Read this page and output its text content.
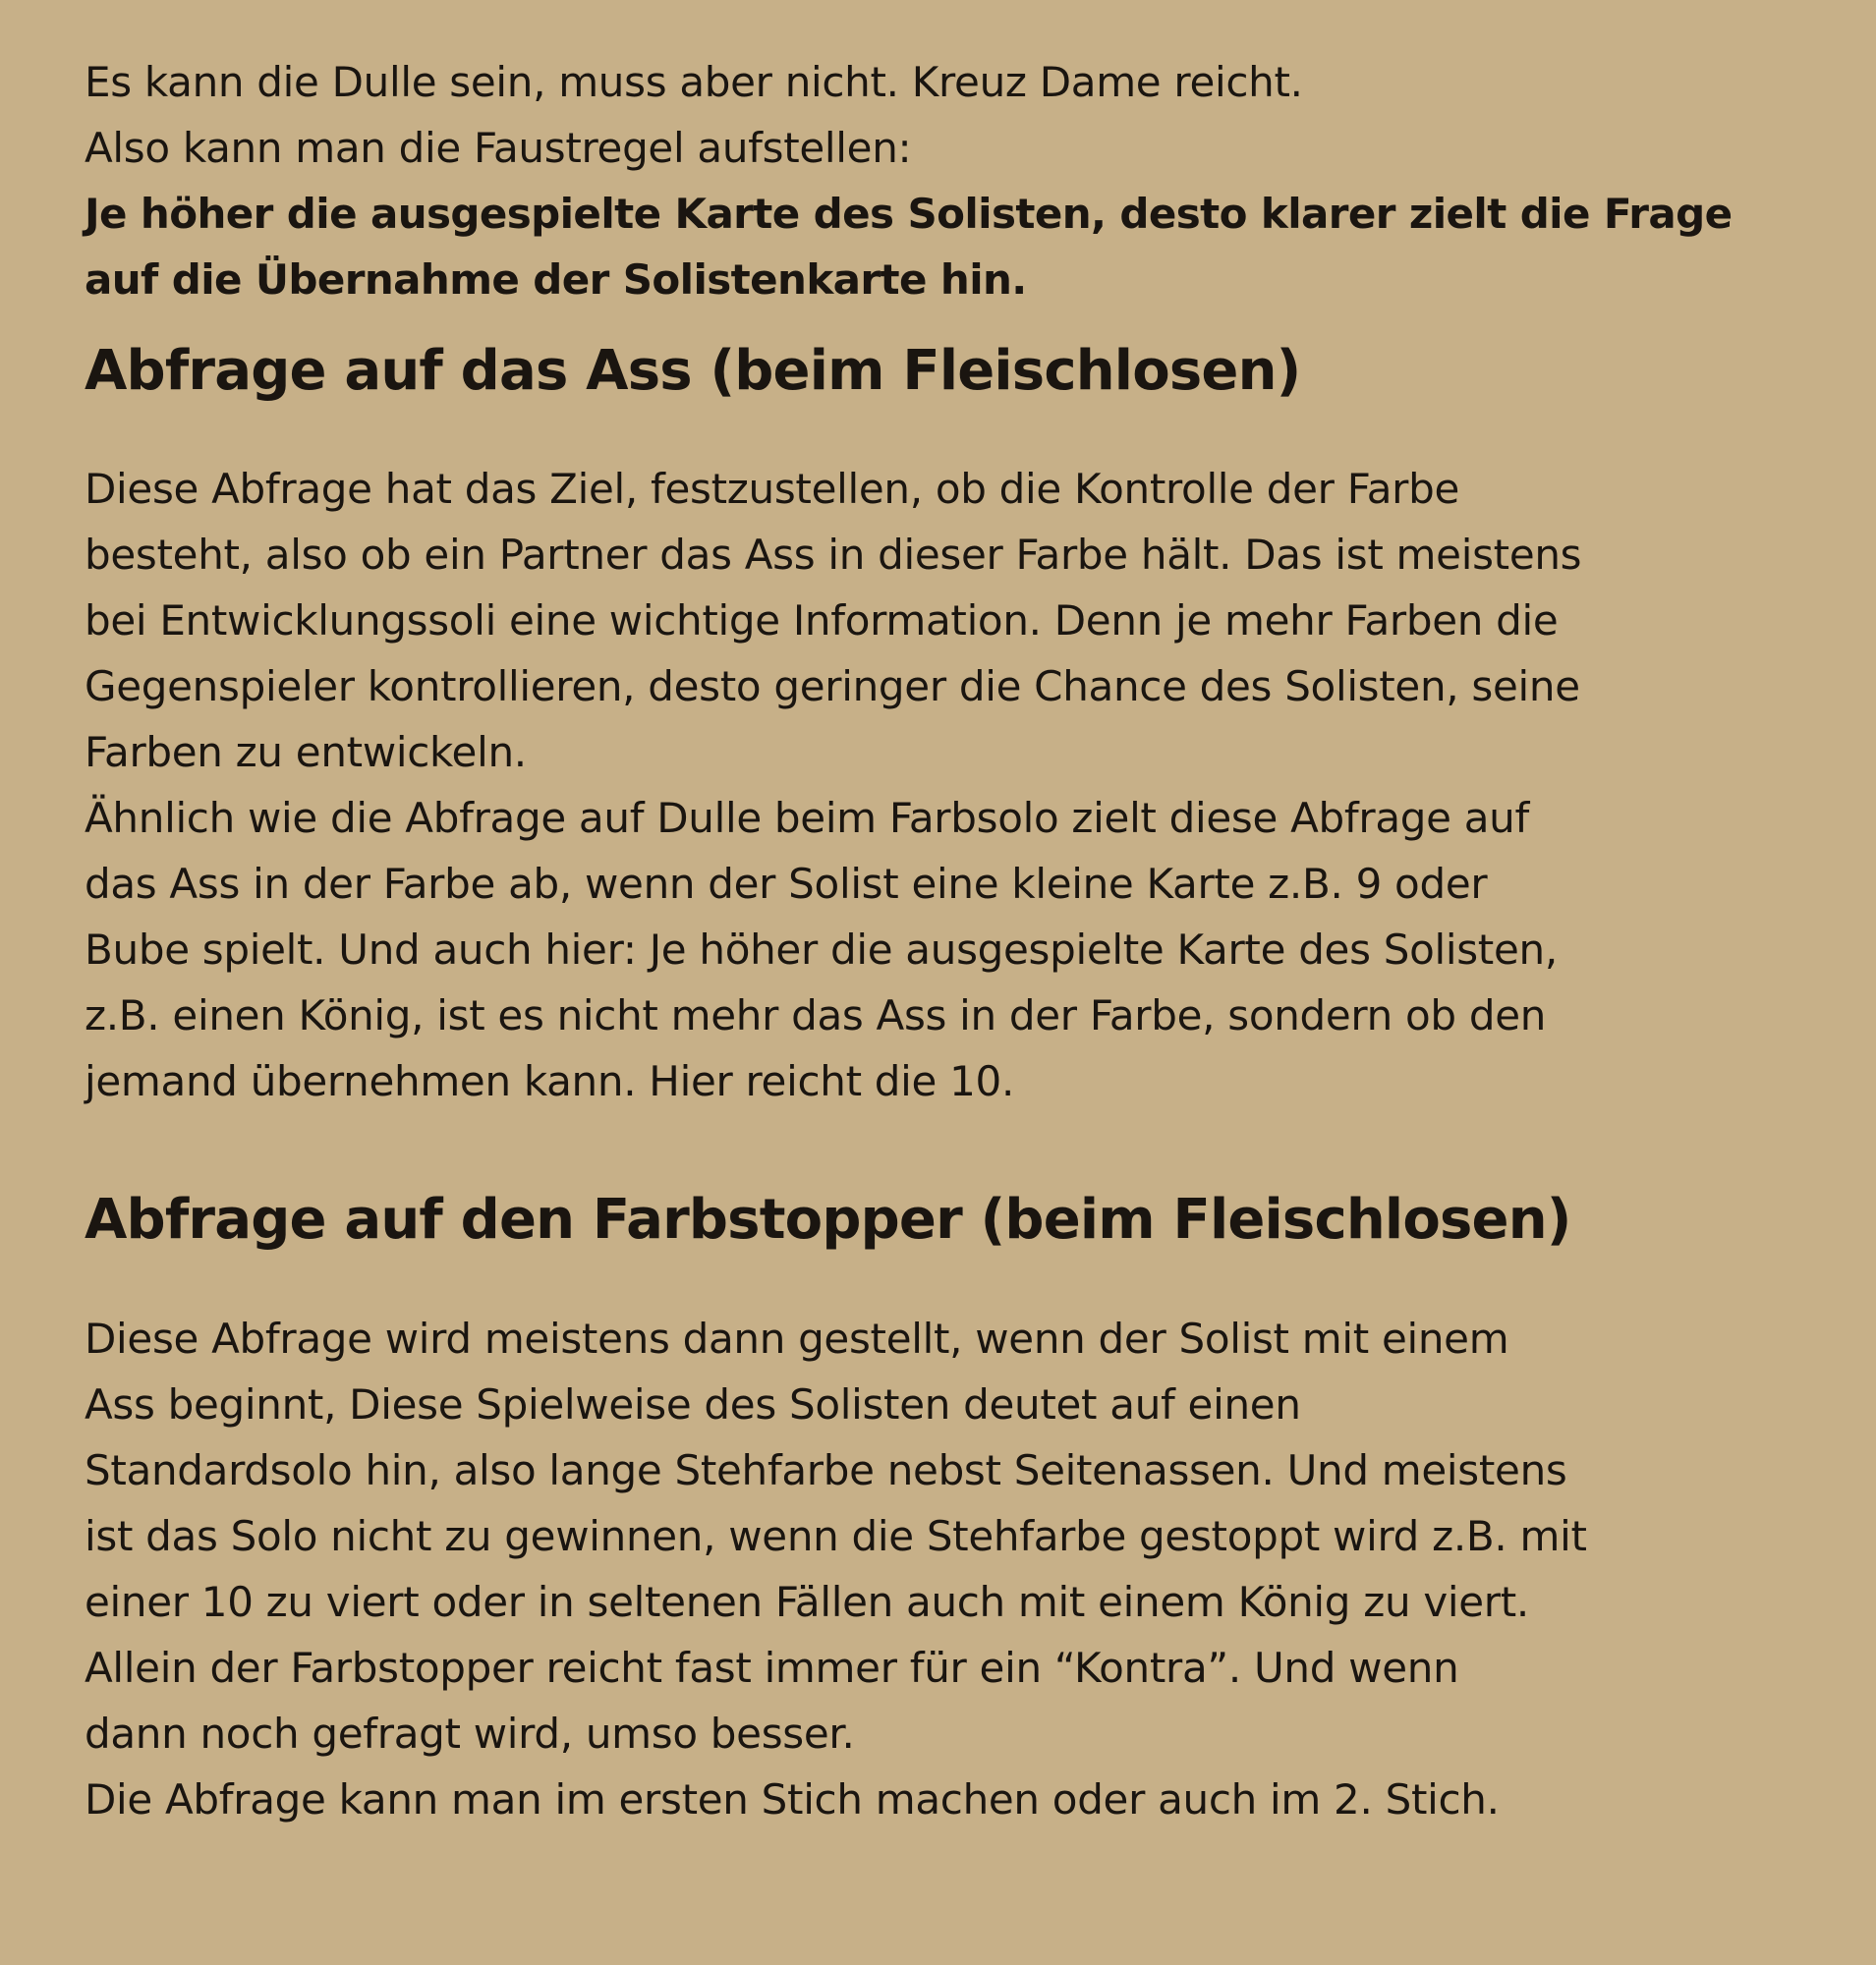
Es kann die Dulle sein, muss aber nicht. Kreuz Dame reicht.
Also kann man die Faustregel aufstellen:
Je höher die ausgespielte Karte des Solisten, desto klarer zielt die Frage
auf die Übernahme der Solistenkarte hin.
Abfrage auf das Ass (beim Fleischlosen)
Diese Abfrage hat das Ziel, festzustellen, ob die Kontrolle der Farbe
besteht, also ob ein Partner das Ass in dieser Farbe hält. Das ist meistens
bei Entwicklungssoli eine wichtige Information. Denn je mehr Farben die
Gegenspieler kontrollieren, desto geringer die Chance des Solisten, seine
Farben zu entwickeln.
Ähnlich wie die Abfrage auf Dulle beim Farbsolo zielt diese Abfrage auf
das Ass in der Farbe ab, wenn der Solist eine kleine Karte z.B. 9 oder
Bube spielt. Und auch hier: Je höher die ausgespielte Karte des Solisten,
z.B. einen König, ist es nicht mehr das Ass in der Farbe, sondern ob den
jemand übernehmen kann. Hier reicht die 10.
Abfrage auf den Farbstopper (beim Fleischlosen)
Diese Abfrage wird meistens dann gestellt, wenn der Solist mit einem
Ass beginnt, Diese Spielweise des Solisten deutet auf einen
Standardsolo hin, also lange Stehfarbe nebst Seitenassen. Und meistens
ist das Solo nicht zu gewinnen, wenn die Stehfarbe gestoppt wird z.B. mit
einer 10 zu viert oder in seltenen Fällen auch mit einem König zu viert.
Allein der Farbstopper reicht fast immer für ein “Kontra”. Und wenn
dann noch gefragt wird, umso besser.
Die Abfrage kann man im ersten Stich machen oder auch im 2. Stich.
